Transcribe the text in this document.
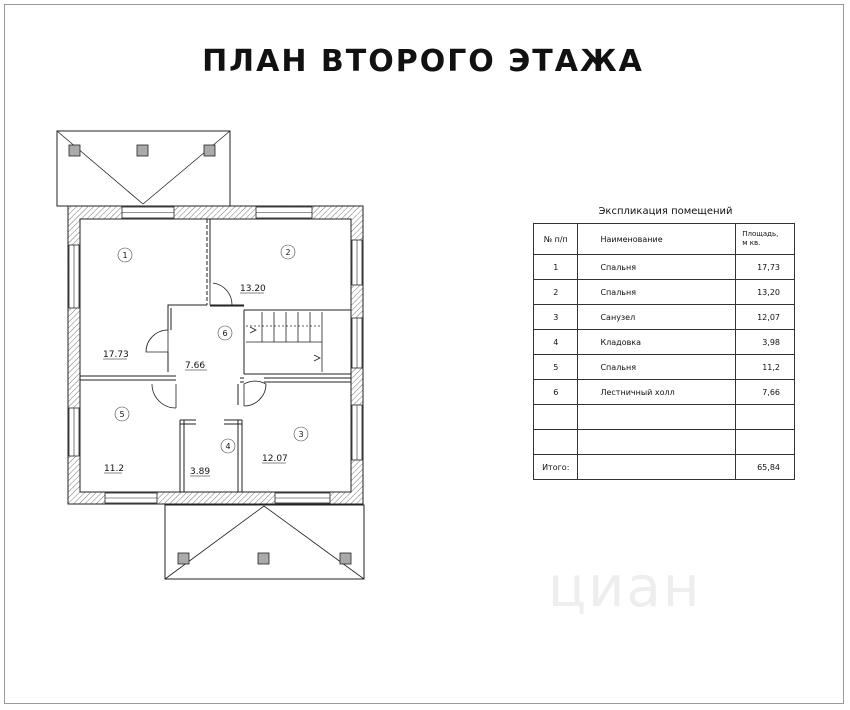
ПЛАН ВТОРОГО ЭТАЖА
1
17.73
2
13.20
3
12.07
4
3.89
5
11.2
6
7.66
Экспликация помещений
№ п/п	Наименование	Площадь,
м кв.
1	Спальня	17,73
2	Спальня	13,20
3	Санузел	12,07
4	Кладовка	3,98
5	Спальня	11,2
6	Лестничный холл	7,66

Итого:		65,84
циан
